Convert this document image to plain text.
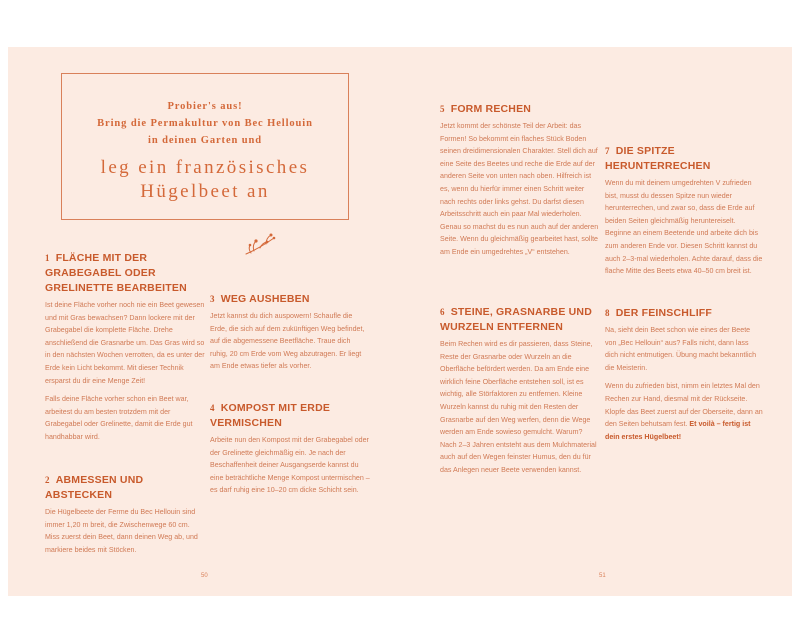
Probier's aus!
Bring die Permakultur von Bec Hellouin
in deinen Garten und
leg ein französisches
Hügelbeet an
1 FLÄCHE MIT DER GRABEGABEL ODER GRELINETTE BEARBEITEN

Ist deine Fläche vorher noch nie ein Beet gewesen und mit Gras bewachsen? Dann lockere mit der Grabegabel die komplette Fläche. Drehe anschließend die Grasnarbe um. Das Gras wird so in den nächsten Wochen verrotten, da es unter der Erde kein Licht bekommt. Mit dieser Technik ersparst du dir eine Menge Zeit!

Falls deine Fläche vorher schon ein Beet war, arbeitest du am besten trotzdem mit der Grabegabel oder Grelinette, damit die Erde gut handhabbar wird.

2 ABMESSEN UND ABSTECKEN

Die Hügelbeete der Ferme du Bec Hellouin sind immer 1,20 m breit, die Zwischenwege 60 cm. Miss zuerst dein Beet, dann deinen Weg ab, und markiere beides mit Stöcken.

3 WEG AUSHEBEN

Jetzt kannst du dich auspowern! Schaufle die Erde, die sich auf dem zukünftigen Weg befindet, auf die abgemessene Beetfläche. Traue dich ruhig, 20 cm Erde vom Weg abzutragen. Er liegt am Ende etwas tiefer als vorher.

4 KOMPOST MIT ERDE VERMISCHEN

Arbeite nun den Kompost mit der Grabegabel oder der Grelinette gleichmäßig ein. Je nach der Beschaffenheit deiner Ausgangserde kannst du eine beträchtliche Menge Kompost untermischen – es darf ruhig eine 10–20 cm dicke Schicht sein.

50
5 FORM RECHEN

Jetzt kommt der schönste Teil der Arbeit: das Formen! So bekommt ein flaches Stück Boden seinen dreidimensionalen Charakter. Stell dich auf eine Seite des Beetes und reche die Erde auf der anderen Seite von unten nach oben. Hilfreich ist es, wenn du hierfür immer einen Schritt weiter nach rechts oder links gehst. Du darfst diesen Arbeitsschritt auch ein paar Mal wiederholen. Genau so machst du es nun auch auf der anderen Seite. Wenn du gleichmäßig gearbeitet hast, sollte am Ende ein umgedrehtes „V“ entstehen.

6 STEINE, GRASNARBE UND WURZELN ENTFERNEN

Beim Rechen wird es dir passieren, dass Steine, Reste der Grasnarbe oder Wurzeln an die Oberfläche befördert werden. Da am Ende eine wirklich feine Oberfläche entstehen soll, ist es wichtig, alle Störfaktoren zu entfernen. Kleine Wurzeln kannst du ruhig mit den Resten der Grasnarbe auf den Weg werfen, denn die Wege werden am Ende sowieso gemulcht. Warum? Nach 2–3 Jahren entsteht aus dem Mulchmaterial auch auf den Wegen feinster Humus, den du für das Anlegen neuer Beete verwenden kannst.

7 DIE SPITZE HERUNTERRECHEN

Wenn du mit deinem umgedrehten V zufrieden bist, musst du dessen Spitze nun wieder herunterrechen, und zwar so, dass die Erde auf beiden Seiten gleichmäßig heruntereiselt. Beginne an einem Beetende und arbeite dich bis zum anderen Ende vor. Diesen Schritt kannst du auch 2–3-mal wiederholen. Achte darauf, dass die flache Mitte des Beets etwa 40–50 cm breit ist.

8 DER FEINSCHLIFF

Na, sieht dein Beet schon wie eines der Beete von „Bec Hellouin“ aus? Falls nicht, dann lass dich nicht entmutigen. Übung macht bekanntlich die Meisterin.

Wenn du zufrieden bist, nimm ein letztes Mal den Rechen zur Hand, diesmal mit der Rückseite. Klopfe das Beet zuerst auf der Oberseite, dann an den Seiten behutsam fest. Et voilà – fertig ist dein erstes Hügelbeet!

51
